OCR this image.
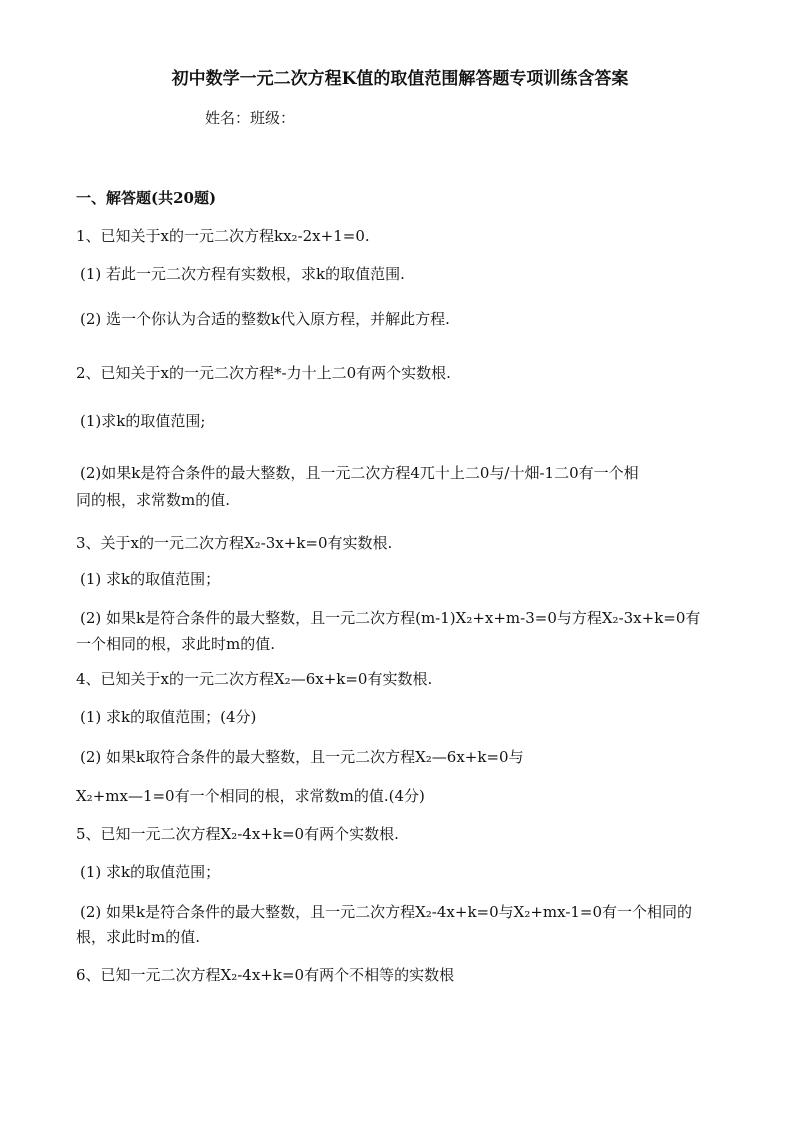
初中数学一元二次方程K值的取值范围解答题专项训练含答案
姓名：班级：
一、解答题(共20题)
1、已知关于x的一元二次方程kx₂-2x+1=0.
(1) 若此一元二次方程有实数根，求k的取值范围.
(2) 选一个你认为合适的整数k代入原方程，并解此方程.
2、已知关于x的一元二次方程*-力十上二0有两个实数根.
(1)求k的取值范围;
(2)如果k是符合条件的最大整数，且一元二次方程4兀十上二0与/十畑-1二0有一个相
同的根，求常数m的值.
3、关于x的一元二次方程X₂-3x+k=0有实数根.
(1) 求k的取值范围；
(2) 如果k是符合条件的最大整数，且一元二次方程(m-1)X₂+x+m-3=0与方程X₂-3x+k=0有
一个相同的根，求此时m的值.
4、已知关于x的一元二次方程X₂—6x+k=0有实数根.
(1) 求k的取值范围；(4分)
(2) 如果k取符合条件的最大整数，且一元二次方程X₂—6x+k=0与
X₂+mx—1=0有一个相同的根，求常数m的值.(4分)
5、已知一元二次方程X₂-4x+k=0有两个实数根.
(1) 求k的取值范围；
(2) 如果k是符合条件的最大整数，且一元二次方程X₂-4x+k=0与X₂+mx-1=0有一个相同的
根，求此时m的值.
6、已知一元二次方程X₂-4x+k=0有两个不相等的实数根
